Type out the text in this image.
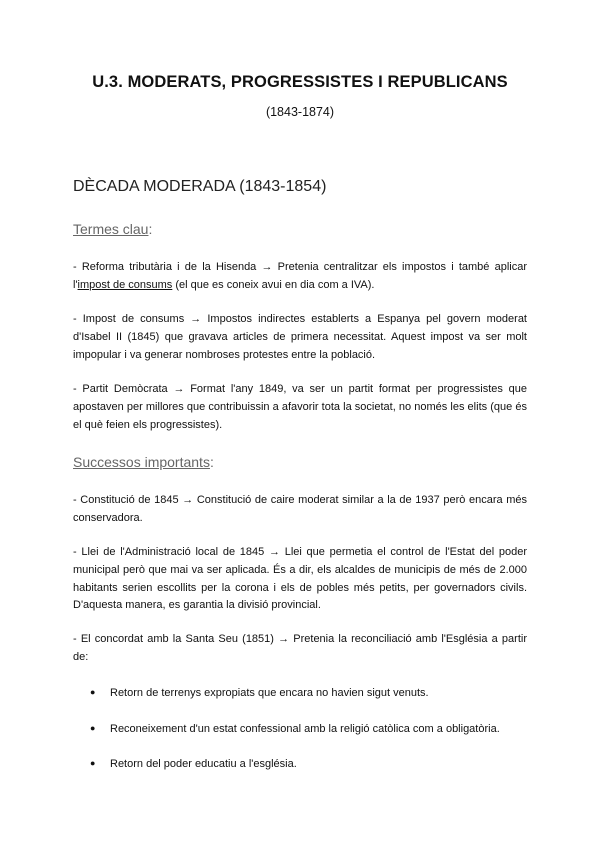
U.3. MODERATS, PROGRESSISTES I REPUBLICANS
(1843-1874)
DÈCADA MODERADA (1843-1854)
Termes clau:
- Reforma tributària i de la Hisenda → Pretenia centralitzar els impostos i també aplicar l'impost de consums (el que es coneix avui en dia com a IVA).
- Impost de consums → Impostos indirectes establerts a Espanya pel govern moderat d'Isabel II (1845) que gravava articles de primera necessitat. Aquest impost va ser molt impopular i va generar nombroses protestes entre la població.
- Partit Demòcrata → Format l'any 1849, va ser un partit format per progressistes que apostaven per millores que contribuissin a afavorir tota la societat, no només les elits (que és el què feien els progressistes).
Successos importants:
- Constitució de 1845 → Constitució de caire moderat similar a la de 1937 però encara més conservadora.
- Llei de l'Administració local de 1845 → Llei que permetia el control de l'Estat del poder municipal però que mai va ser aplicada. És a dir, els alcaldes de municipis de més de 2.000 habitants serien escollits per la corona i els de pobles més petits, per governadors civils. D'aquesta manera, es garantia la divisió provincial.
- El concordat amb la Santa Seu (1851) → Pretenia la reconciliació amb l'Església a partir de:
● Retorn de terrenys expropiats que encara no havien sigut venuts.
● Reconeixement d'un estat confessional amb la religió catòlica com a obligatòria.
● Retorn del poder educatiu a l'església.
